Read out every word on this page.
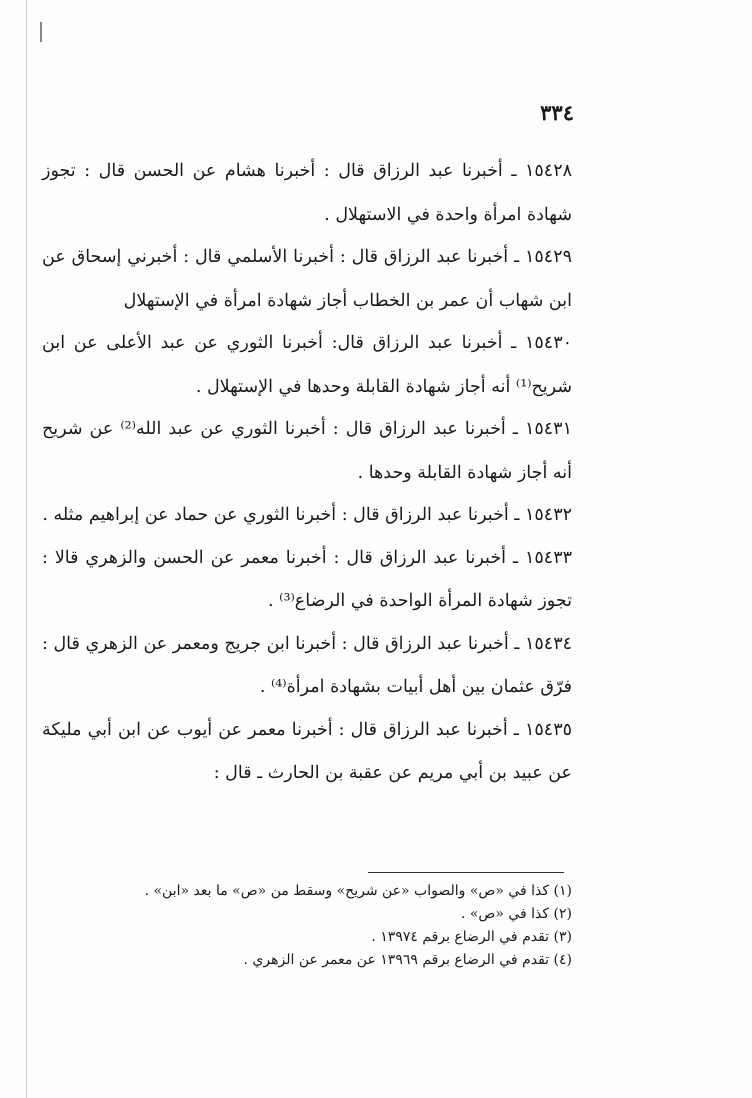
٣٣٤

١٥٤٢٨ ـ أخبرنا عبد الرزاق قال : أخبرنا هشام عن الحسن قال : تجوز شهادة امرأة واحدة في الاستهلال .

١٥٤٢٩ ـ أخبرنا عبد الرزاق قال : أخبرنا الأسلمي قال : أخبرني إسحاق عن ابن شهاب أن عمر بن الخطاب أجاز شهادة امرأة في الإستهلال

١٥٤٣٠ ـ أخبرنا عبد الرزاق قال: أخبرنا الثوري عن عبد الأعلى عن ابن شريح⁽¹⁾ أنه أجاز شهادة القابلة وحدها في الإستهلال .

١٥٤٣١ ـ أخبرنا عبد الرزاق قال : أخبرنا الثوري عن عبد الله⁽²⁾ عن شريح أنه أجاز شهادة القابلة وحدها .

١٥٤٣٢ ـ أخبرنا عبد الرزاق قال : أخبرنا الثوري عن حماد عن إبراهيم مثله .

١٥٤٣٣ ـ أخبرنا عبد الرزاق قال : أخبرنا معمر عن الحسن والزهري قالا : تجوز شهادة المرأة الواحدة في الرضاع⁽³⁾ .

١٥٤٣٤ ـ أخبرنا عبد الرزاق قال : أخبرنا ابن جريج ومعمر عن الزهري قال : فرّق عثمان بين أهل أبيات بشهادة امرأة⁽⁴⁾ .

١٥٤٣٥ ـ أخبرنا عبد الرزاق قال : أخبرنا معمر عن أيوب عن ابن أبي مليكة عن عبيد بن أبي مريم عن عقبة بن الحارث ـ قال :

(١) كذا في «ص» والصواب «عن شريح» وسقط من «ص» ما بعد «ابن» .
(٢) كذا في «ص» .
(٣) تقدم في الرضاع برقم ١٣٩٧٤ .
(٤) تقدم في الرضاع برقم ١٣٩٦٩ عن معمر عن الزهري .
